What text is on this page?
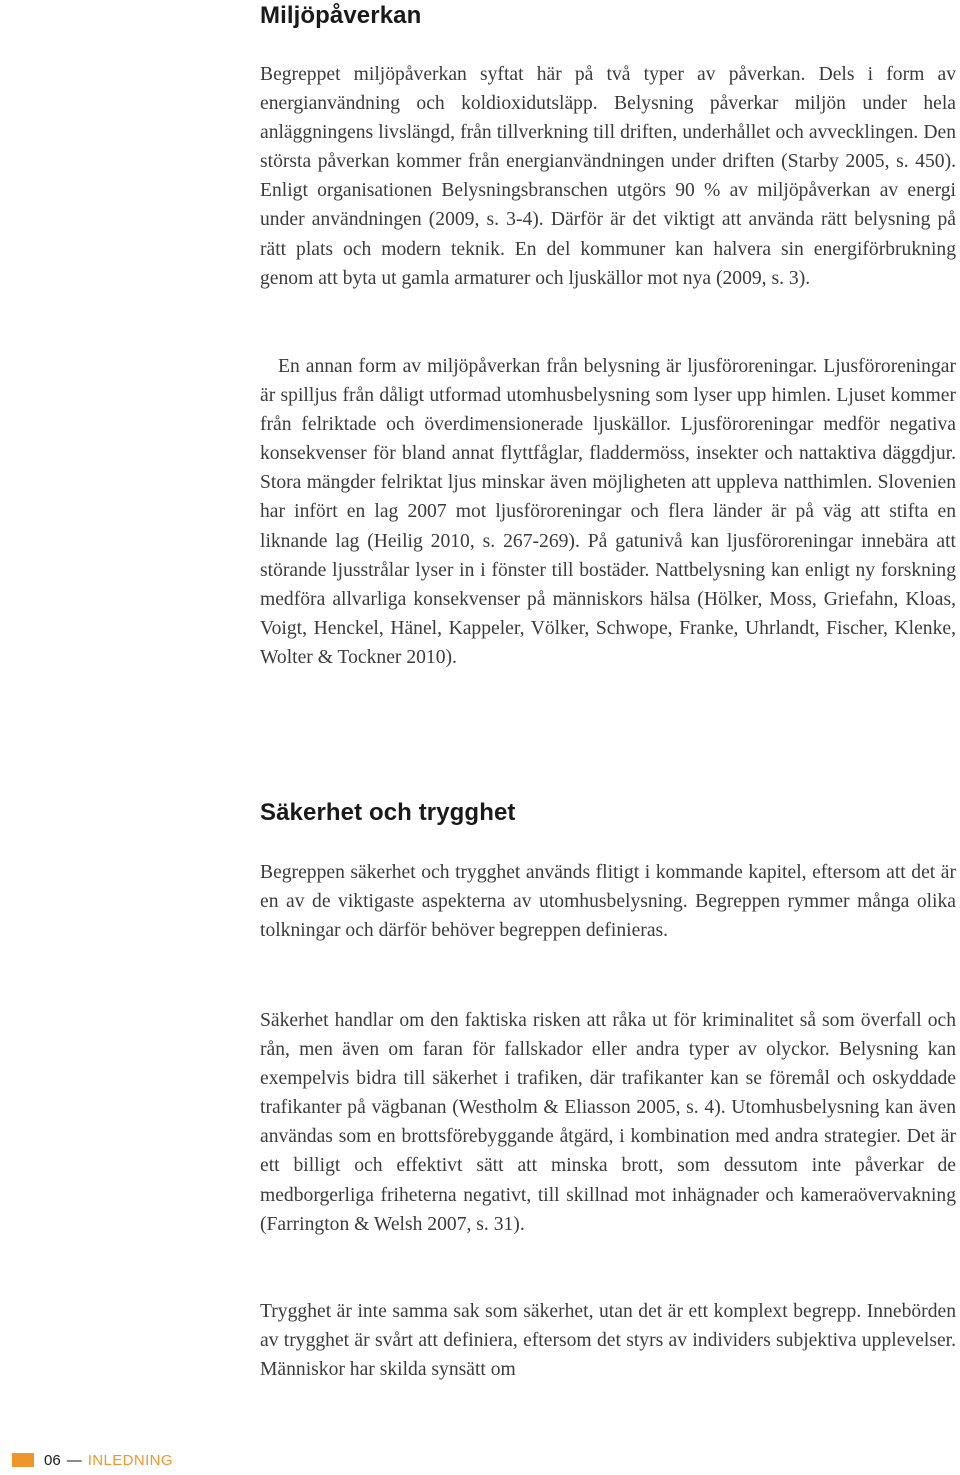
Miljöpåverkan

Begreppet miljöpåverkan syftat här på två typer av påverkan. Dels i form av energianvändning och koldioxidutsläpp. Belysning påverkar miljön under hela anläggningens livslängd, från tillverkning till driften, underhållet och avvecklingen. Den största påverkan kommer från energianvändningen under driften (Starby 2005, s. 450). Enligt organisationen Belysningsbranschen utgörs 90 % av miljöpåverkan av energi under användningen (2009, s. 3-4). Därför är det viktigt att använda rätt belysning på rätt plats och modern teknik. En del kommuner kan halvera sin energiförbrukning genom att byta ut gamla armaturer och ljuskällor mot nya (2009, s. 3).

En annan form av miljöpåverkan från belysning är ljusföroreningar. Ljusföroreningar är spilljus från dåligt utformad utomhusbelysning som lyser upp himlen. Ljuset kommer från felriktade och överdimensionerade ljuskällor. Ljusföroreningar medför negativa konsekvenser för bland annat flyttfåglar, fladdermöss, insekter och nattaktiva däggdjur. Stora mängder felriktat ljus minskar även möjligheten att uppleva natthimlen. Slovenien har infört en lag 2007 mot ljusföroreningar och flera länder är på väg att stifta en liknande lag (Heilig 2010, s. 267-269). På gatunivå kan ljusföroreningar innebära att störande ljusstrålar lyser in i fönster till bostäder. Nattbelysning kan enligt ny forskning medföra allvarliga konsekvenser på människors hälsa (Hölker, Moss, Griefahn, Kloas, Voigt, Henckel, Hänel, Kappeler, Völker, Schwope, Franke, Uhrlandt, Fischer, Klenke, Wolter & Tockner 2010).

Säkerhet och trygghet

Begreppen säkerhet och trygghet används flitigt i kommande kapitel, eftersom att det är en av de viktigaste aspekterna av utomhusbelysning. Begreppen rymmer många olika tolkningar och därför behöver begreppen definieras.

Säkerhet handlar om den faktiska risken att råka ut för kriminalitet så som överfall och rån, men även om faran för fallskador eller andra typer av olyckor. Belysning kan exempelvis bidra till säkerhet i trafiken, där trafikanter kan se föremål och oskyddade trafikanter på vägbanan (Westholm & Eliasson 2005, s. 4). Utomhusbelysning kan även användas som en brottsförebyggande åtgärd, i kombination med andra strategier. Det är ett billigt och effektivt sätt att minska brott, som dessutom inte påverkar de medborgerliga friheterna negativt, till skillnad mot inhägnader och kameraövervakning (Farrington & Welsh 2007, s. 31).

Trygghet är inte samma sak som säkerhet, utan det är ett komplext begrepp. Innebörden av trygghet är svårt att definiera, eftersom det styrs av individers subjektiva upplevelser. Människor har skilda synsätt om

06 — INLEDNING
